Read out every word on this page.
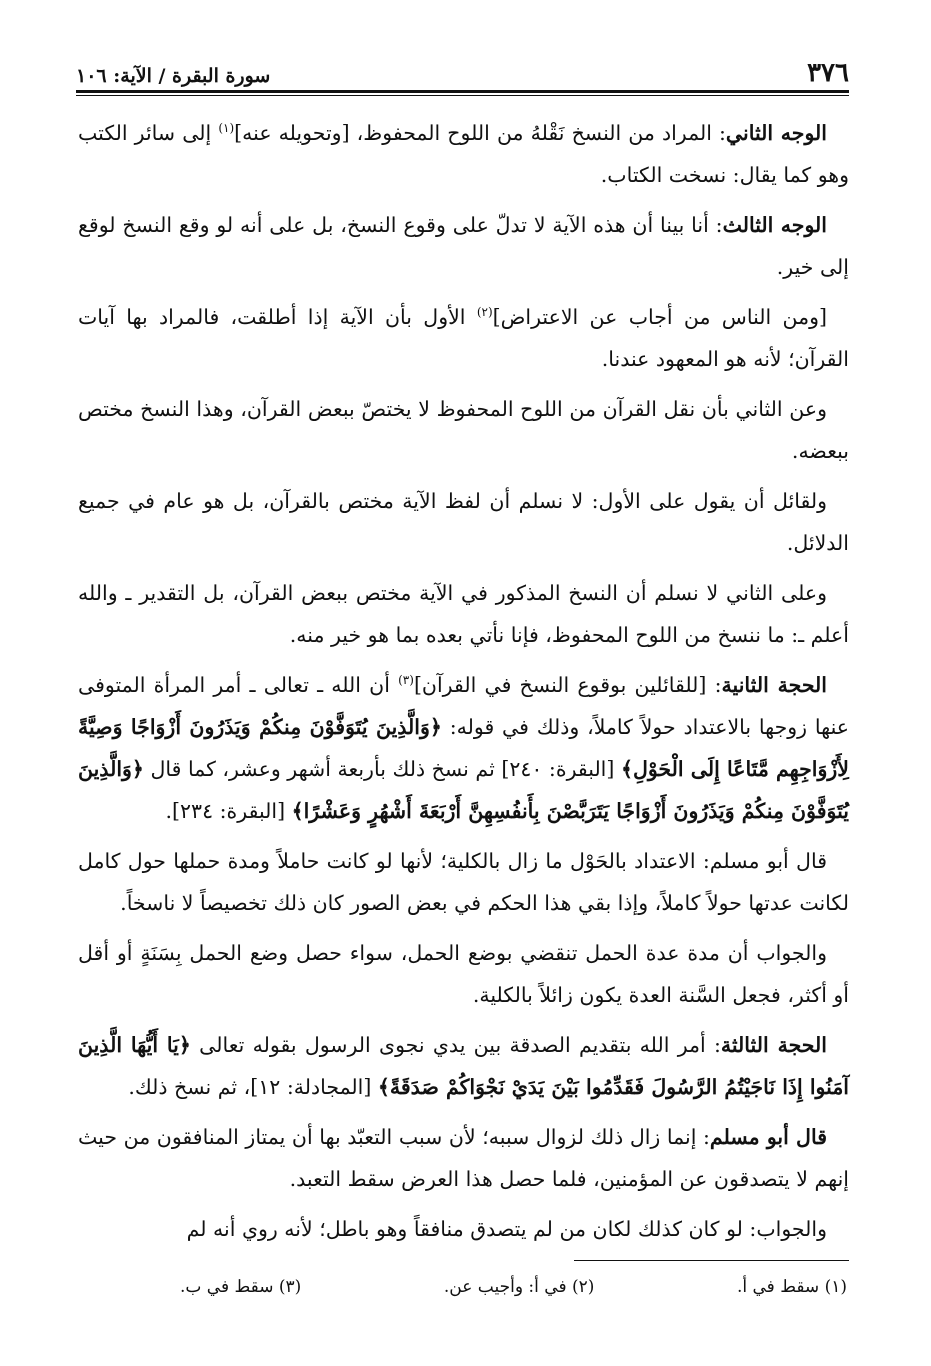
٣٧٦
سورة البقرة / الآية: ١٠٦

الوجه الثاني: المراد من النسخ نَقْلهُ من اللوح المحفوظ، [وتحويله عنه]$^{(١)}$ إلى سائر الكتب وهو كما يقال: نسخت الكتاب.

الوجه الثالث: أنا بينا أن هذه الآية لا تدلّ على وقوع النسخ، بل على أنه لو وقع النسخ لوقع إلى خير.

[ومن الناس من أجاب عن الاعتراض]$^{(٢)}$ الأول بأن الآية إذا أطلقت، فالمراد بها آيات القرآن؛ لأنه هو المعهود عندنا.

وعن الثاني بأن نقل القرآن من اللوح المحفوظ لا يختصّ ببعض القرآن، وهذا النسخ مختص ببعضه.

ولقائل أن يقول على الأول: لا نسلم أن لفظ الآية مختص بالقرآن، بل هو عام في جميع الدلائل.

وعلى الثاني لا نسلم أن النسخ المذكور في الآية مختص ببعض القرآن، بل التقدير ـ والله أعلم ـ: ما ننسخ من اللوح المحفوظ، فإنا نأتي بعده بما هو خير منه.

الحجة الثانية: [للقائلين بوقوع النسخ في القرآن]$^{(٣)}$ أن الله ـ تعالى ـ أمر المرأة المتوفى عنها زوجها بالاعتداد حولاً كاملاً، وذلك في قوله: ﴿وَالَّذِينَ يُتَوَفَّوْنَ مِنكُمْ وَيَذَرُونَ أَزْوَاجًا وَصِيَّةً لِأَزْوَاجِهِم مَّتَاعًا إِلَى الْحَوْلِ﴾ [البقرة: ٢٤٠] ثم نسخ ذلك بأربعة أشهر وعشر، كما قال ﴿وَالَّذِينَ يُتَوَفَّوْنَ مِنكُمْ وَيَذَرُونَ أَزْوَاجًا يَتَرَبَّصْنَ بِأَنفُسِهِنَّ أَرْبَعَةَ أَشْهُرٍ وَعَشْرًا﴾ [البقرة: ٢٣٤].

قال أبو مسلم: الاعتداد بالحَوْل ما زال بالكلية؛ لأنها لو كانت حاملاً ومدة حملها حول كامل لكانت عدتها حولاً كاملاً، وإذا بقي هذا الحكم في بعض الصور كان ذلك تخصيصاً لا ناسخاً.

والجواب أن مدة عدة الحمل تنقضي بوضع الحمل، سواء حصل وضع الحمل بِسَنَةٍ أو أقل أو أكثر، فجعل السَّنة العدة يكون زائلاً بالكلية.

الحجة الثالثة: أمر الله بتقديم الصدقة بين يدي نجوى الرسول بقوله تعالى ﴿يَا أَيُّهَا الَّذِينَ آمَنُوا إِذَا نَاجَيْتُمُ الرَّسُولَ فَقَدِّمُوا بَيْنَ يَدَيْ نَجْوَاكُمْ صَدَقَةً﴾ [المجادلة: ١٢]، ثم نسخ ذلك.

قال أبو مسلم: إنما زال ذلك لزوال سببه؛ لأن سبب التعبّد بها أن يمتاز المنافقون من حيث إنهم لا يتصدقون عن المؤمنين، فلما حصل هذا العرض سقط التعبد.

والجواب: لو كان كذلك لكان من لم يتصدق منافقاً وهو باطل؛ لأنه روي أنه لم

(١) سقط في أ.
(٢) في أ: وأجيب عن.
(٣) سقط في ب.
